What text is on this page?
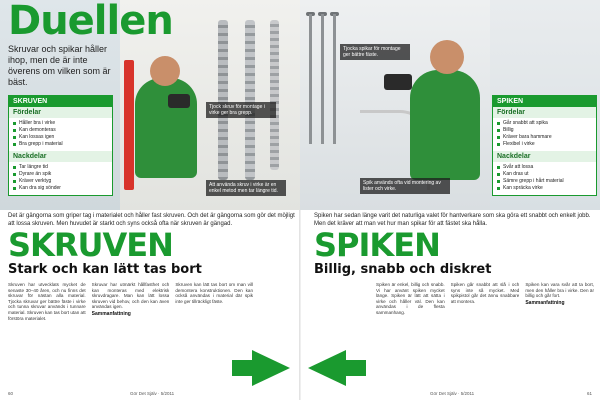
Tjock skruv för montage i virke ger bra grepp.
Att använda skruv i virke är en enkel metod men tar längre tid.
Duellen
Skruvar och spikar håller ihop, men de är inte överens om vilken som är bäst.
SKRUVEN
Fördelar
Håller bra i virke
Kan demonteras
Kan lossas igen
Bra grepp i material
Nackdelar
Tar längre tid
Dyrare än spik
Kräver verktyg
Kan dra sig sönder
Det är gängorna som griper tag i materialet och håller fast skruven. Och det är gängorna som gör det möjligt att lossa skruven. Men huvudet är starkt och syns också ofta när skruven är gängad.
SKRUVEN
Stark och kan lätt tas bort

Skruven har utvecklats mycket de senaste 30–40 åren, och nu finns det skruvar för nästan alla material. Tjocka skruvar ger bättre fäste i virke och tunna skruvar används i tunnare material. Skruven kan tas bort utan att förstöra materialet.

Skruvar har utmärkt hållfasthet och kan monteras med elektrisk skruvdragare. Man kan lätt lossa skruven vid behov, och den kan även användas igen.

Sammanfattning

Skruven kan lätt tas bort om man vill demontera konstruktionen. Den kan också användas i material där spik inte ger tillräckligt fäste.

60	Gör Det Själv · 5/2011
Tjocka spikar för montage ger bättre fäste.
Spik används ofta vid montering av lister och virke.
SPIKEN
Fördelar
Går snabbt att spika
Billig
Kräver bara hammare
Flexibel i virke
Nackdelar
Svår att lossa
Kan dras ut
Sämre grepp i hårt material
Kan spräcka virke
Spiken har sedan länge varit det naturliga valet för hantverkare som ska göra ett snabbt och enkelt jobb. Men det kräver att man vet hur man spikar för att fästet ska hålla.
SPIKEN
Billig, snabb och diskret

Spiken är enkel, billig och snabb. Vi har använt spiken mycket länge. Spiken är lätt att sätta i virke och håller väl. Den kan användas i de flesta sammanhang.

Spiken går snabbt att slå i och syns inte så mycket. Med spikpistol går det ännu snabbare att montera.

Spiken kan vara svår att ta bort, men den håller bra i virke. Den är billig och går fort.

Sammanfattning

Gör Det Själv · 5/2011	61
